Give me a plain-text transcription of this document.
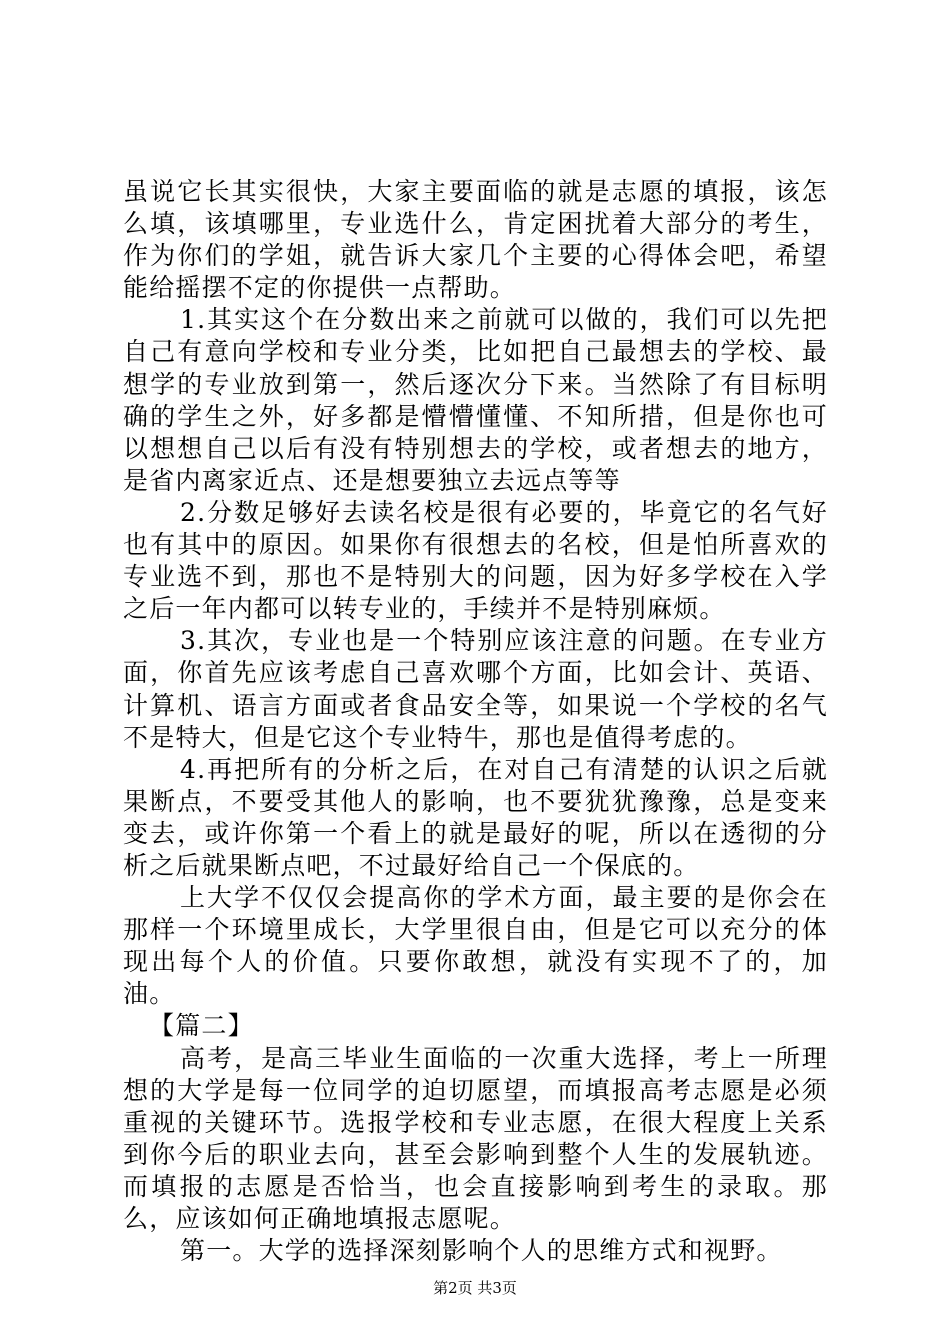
虽说它长其实很快，大家主要面临的就是志愿的填报，该怎么填，该填哪里，专业选什么，肯定困扰着大部分的考生，作为你们的学姐，就告诉大家几个主要的心得体会吧，希望能给摇摆不定的你提供一点帮助。

1.其实这个在分数出来之前就可以做的，我们可以先把自己有意向学校和专业分类，比如把自己最想去的学校、最想学的专业放到第一，然后逐次分下来。当然除了有目标明确的学生之外，好多都是懵懵懂懂、不知所措，但是你也可以想想自己以后有没有特别想去的学校，或者想去的地方，是省内离家近点、还是想要独立去远点等等

2.分数足够好去读名校是很有必要的，毕竟它的名气好也有其中的原因。如果你有很想去的名校，但是怕所喜欢的专业选不到，那也不是特别大的问题，因为好多学校在入学之后一年内都可以转专业的，手续并不是特别麻烦。

3.其次，专业也是一个特别应该注意的问题。在专业方面，你首先应该考虑自己喜欢哪个方面，比如会计、英语、计算机、语言方面或者食品安全等，如果说一个学校的名气不是特大，但是它这个专业特牛，那也是值得考虑的。

4.再把所有的分析之后，在对自己有清楚的认识之后就果断点，不要受其他人的影响，也不要犹犹豫豫，总是变来变去，或许你第一个看上的就是最好的呢，所以在透彻的分析之后就果断点吧，不过最好给自己一个保底的。

上大学不仅仅会提高你的学术方面，最主要的是你会在那样一个环境里成长，大学里很自由，但是它可以充分的体现出每个人的价值。只要你敢想，就没有实现不了的，加油。

【篇二】

高考，是高三毕业生面临的一次重大选择，考上一所理想的大学是每一位同学的迫切愿望，而填报高考志愿是必须重视的关键环节。选报学校和专业志愿，在很大程度上关系到你今后的职业去向，甚至会影响到整个人生的发展轨迹。而填报的志愿是否恰当，也会直接影响到考生的录取。那么，应该如何正确地填报志愿呢。

第一。大学的选择深刻影响个人的思维方式和视野。

第2页 共3页
